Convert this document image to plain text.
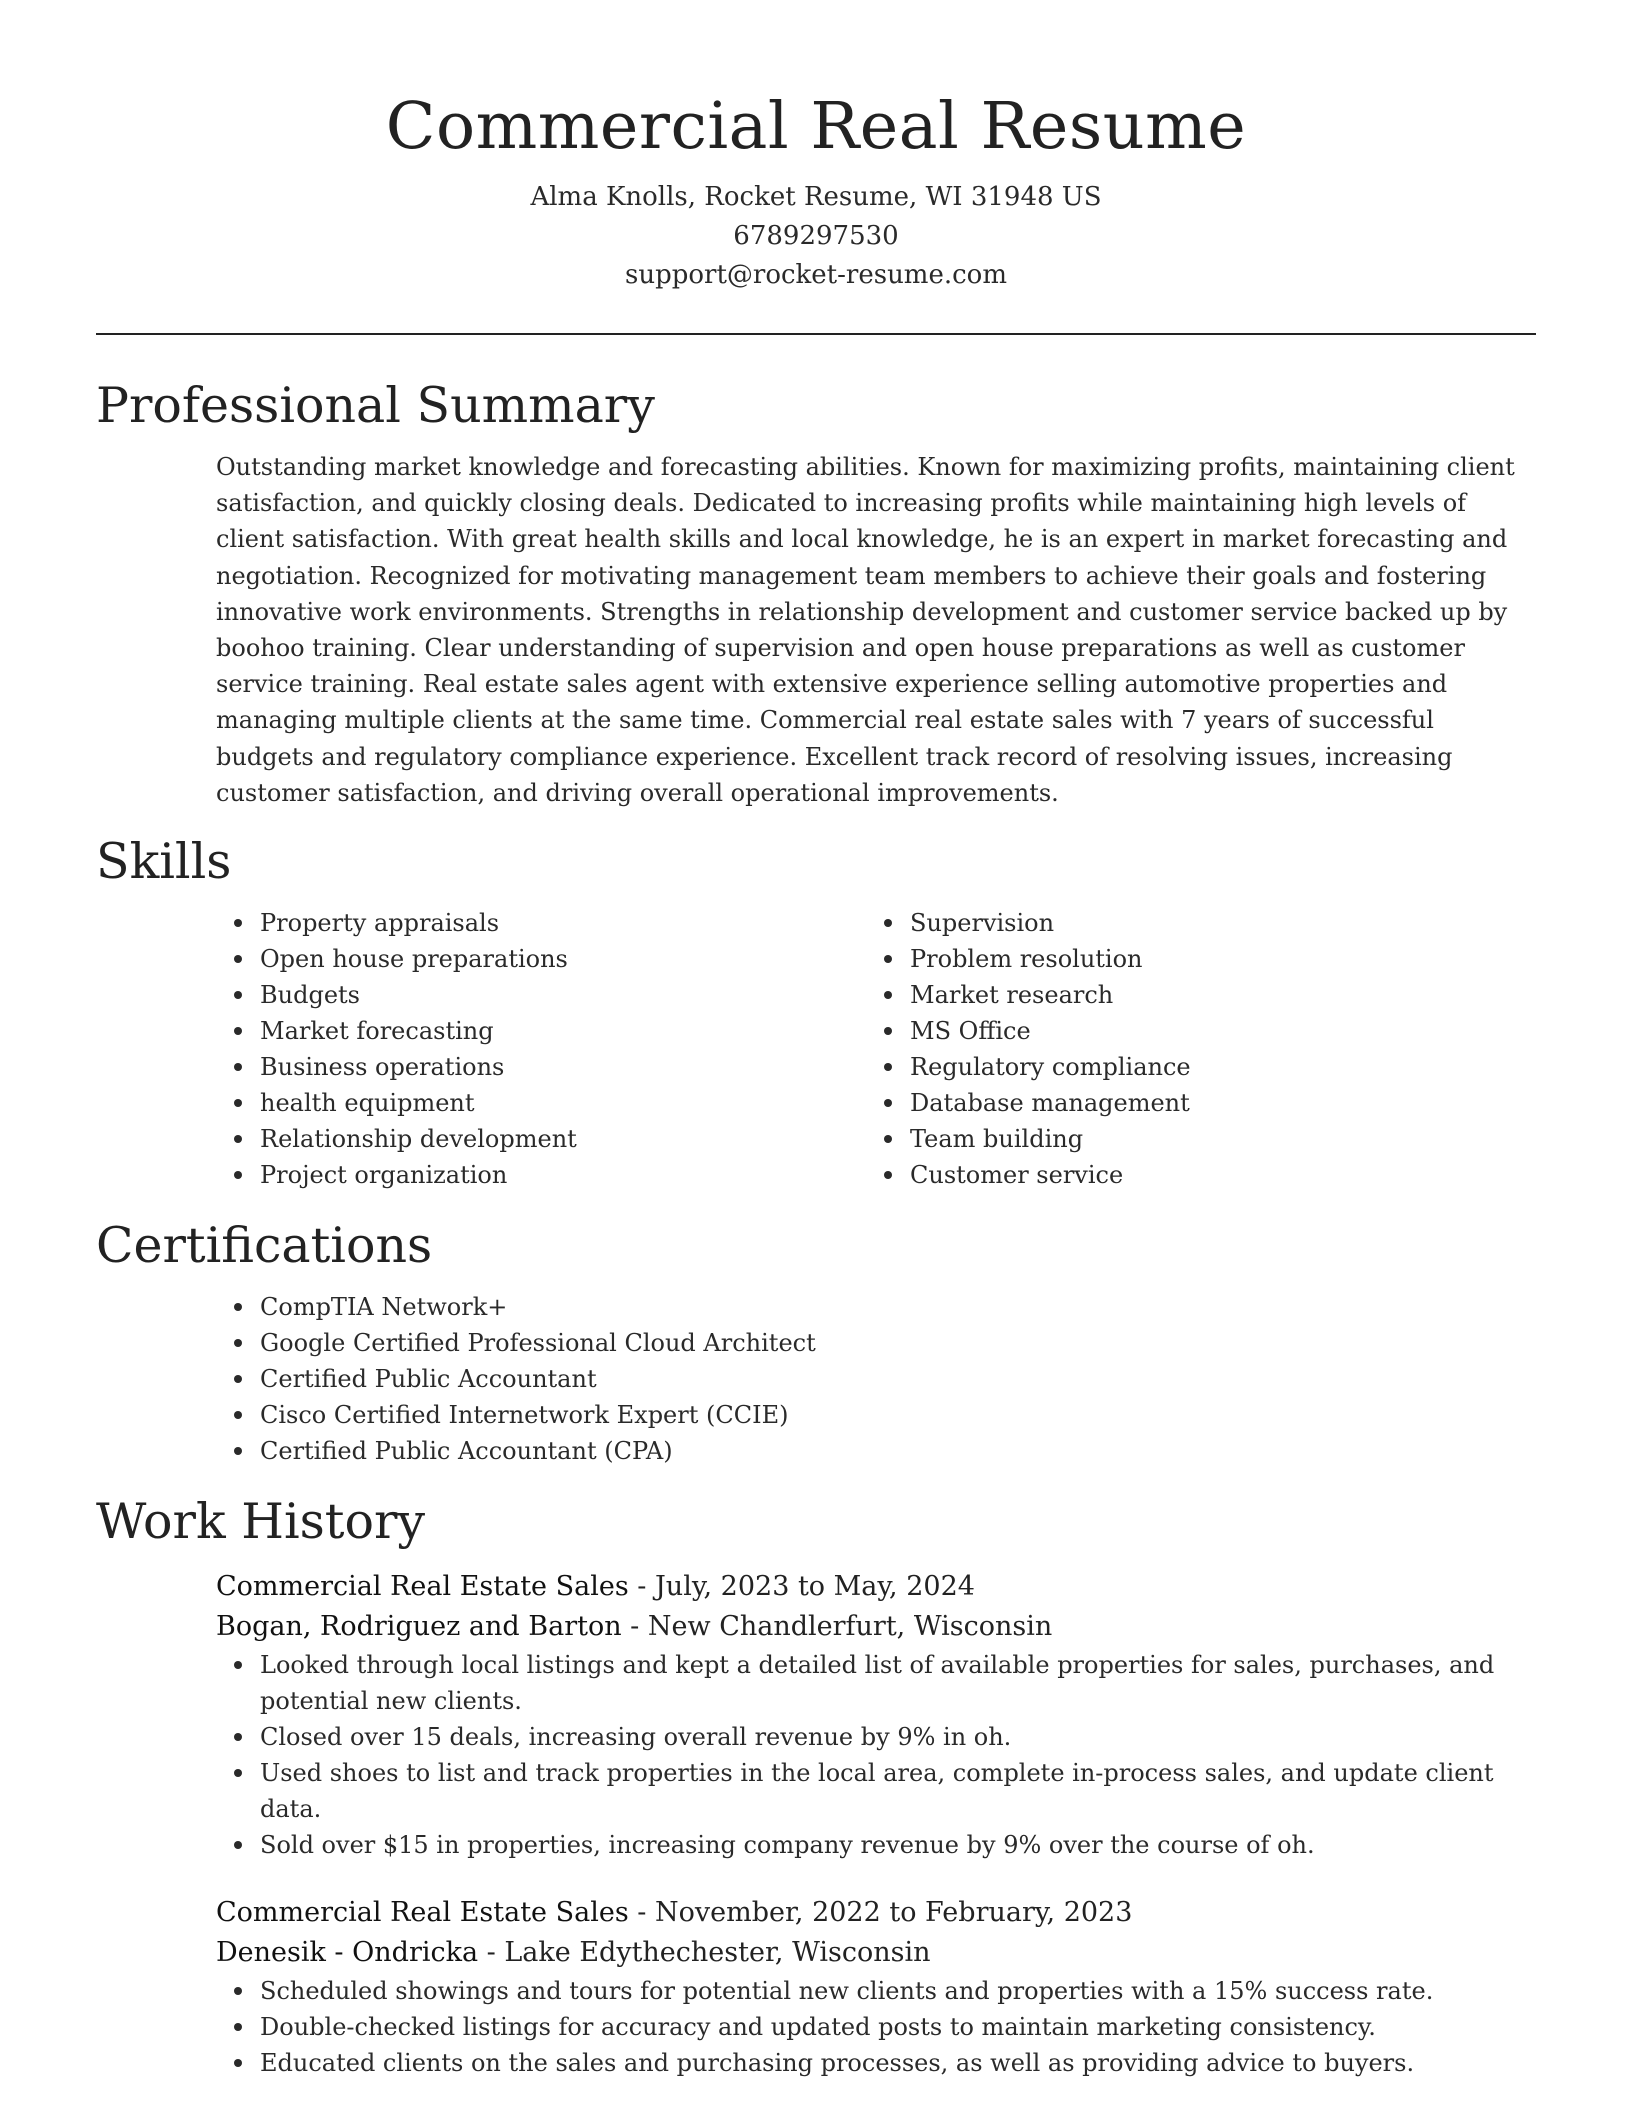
Commercial Real Resume
Alma Knolls, Rocket Resume, WI 31948 US
6789297530
support@rocket-resume.com
Professional Summary

Outstanding market knowledge and forecasting abilities. Known for maximizing profits, maintaining client satisfaction, and quickly closing deals. Dedicated to increasing profits while maintaining high levels of client satisfaction. With great health skills and local knowledge, he is an expert in market forecasting and negotiation. Recognized for motivating management team members to achieve their goals and fostering innovative work environments. Strengths in relationship development and customer service backed up by boohoo training. Clear understanding of supervision and open house preparations as well as customer service training. Real estate sales agent with extensive experience selling automotive properties and managing multiple clients at the same time. Commercial real estate sales with 7 years of successful budgets and regulatory compliance experience. Excellent track record of resolving issues, increasing customer satisfaction, and driving overall operational improvements.

Skills
Property appraisals
Open house preparations
Budgets
Market forecasting
Business operations
health equipment
Relationship development
Project organization
Supervision
Problem resolution
Market research
MS Office
Regulatory compliance
Database management
Team building
Customer service
Certifications
CompTIA Network+
Google Certified Professional Cloud Architect
Certified Public Accountant
Cisco Certified Internetwork Expert (CCIE)
Certified Public Accountant (CPA)
Work History
Commercial Real Estate Sales - July, 2023 to May, 2024
Bogan, Rodriguez and Barton - New Chandlerfurt, Wisconsin
Looked through local listings and kept a detailed list of available properties for sales, purchases, and potential new clients.
Closed over 15 deals, increasing overall revenue by 9% in oh.
Used shoes to list and track properties in the local area, complete in-process sales, and update client data.
Sold over $15 in properties, increasing company revenue by 9% over the course of oh.
Commercial Real Estate Sales - November, 2022 to February, 2023
Denesik - Ondricka - Lake Edythechester, Wisconsin
Scheduled showings and tours for potential new clients and properties with a 15% success rate.
Double-checked listings for accuracy and updated posts to maintain marketing consistency.
Educated clients on the sales and purchasing processes, as well as providing advice to buyers.
